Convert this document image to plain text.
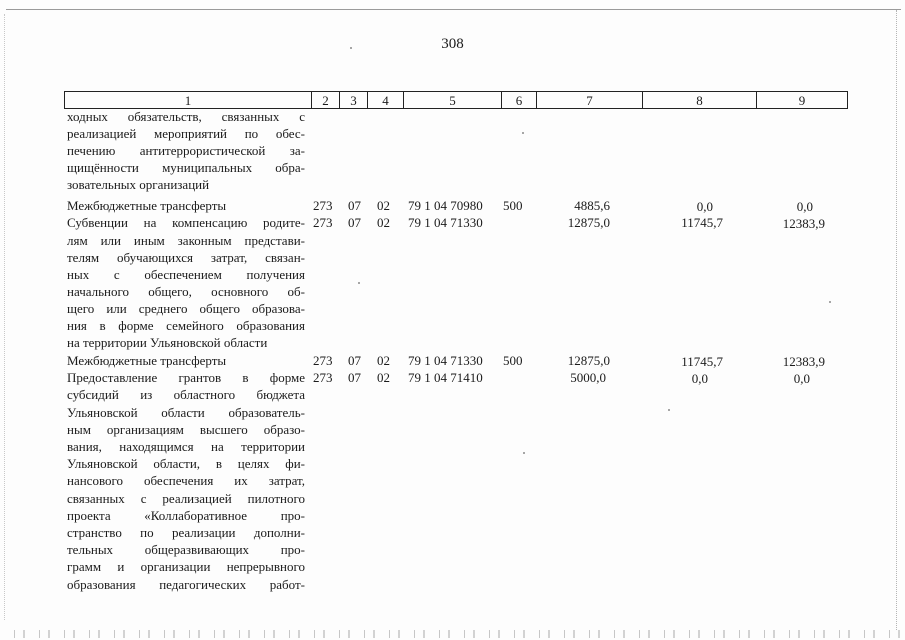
308
1	2	3	4	5	6	7	8	9
ходных обязательств, связанных с
реализацией мероприятий по обес-
печению антитеррористической за-
щищённости муниципальных обра-
зовательных организаций
Межбюджетные трансферты	273 07 02 79 1 04 70980 500	4885,6	0,0	0,0
Субвенции на компенсацию родите-
лям или иным законным представи-
телям обучающихся затрат, связан-
ных с обеспечением получения
начального общего, основного об-
щего или среднего общего образова-
ния в форме семейного образования
на территории Ульяновской области
273 07 02 79 1 04 71330	12875,0	11745,7	12383,9
Межбюджетные трансферты	273 07 02 79 1 04 71330 500	12875,0	11745,7	12383,9
Предоставление грантов в форме
субсидий из областного бюджета
Ульяновской области образователь-
ным организациям высшего образо-
вания, находящимся на территории
Ульяновской области, в целях фи-
нансового обеспечения их затрат,
связанных с реализацией пилотного
проекта «Коллаборативное про-
странство по реализации дополни-
тельных общеразвивающих про-
грамм и организации непрерывного
образования педагогических работ-
273 07 02 79 1 04 71410	5000,0	0,0	0,0
